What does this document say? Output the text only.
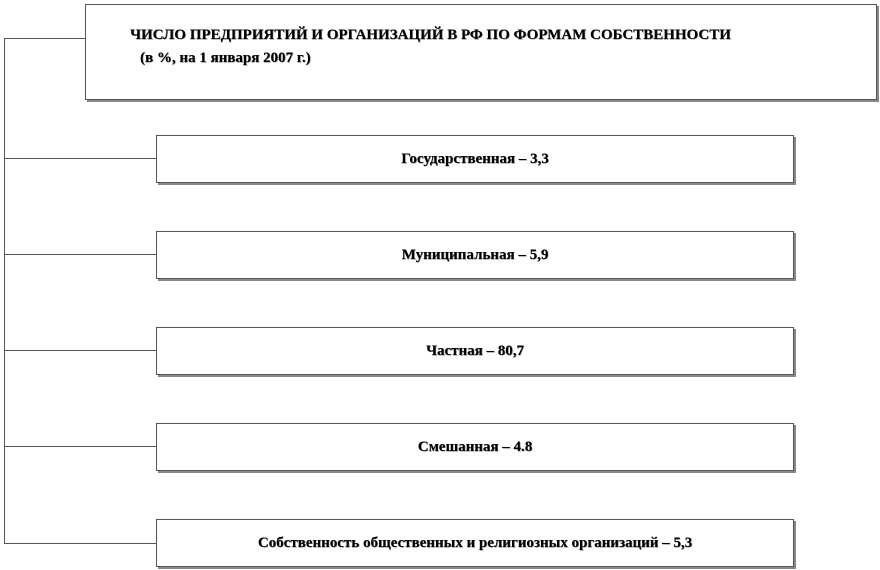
ЧИСЛО ПРЕДПРИЯТИЙ И ОРГАНИЗАЦИЙ В РФ ПО ФОРМАМ СОБСТВЕННОСТИ
(в %, на 1 января 2007 г.)
Государственная – 3,3
Муниципальная – 5,9
Частная – 80,7
Смешанная – 4.8
Собственность общественных и религиозных организаций – 5,3
